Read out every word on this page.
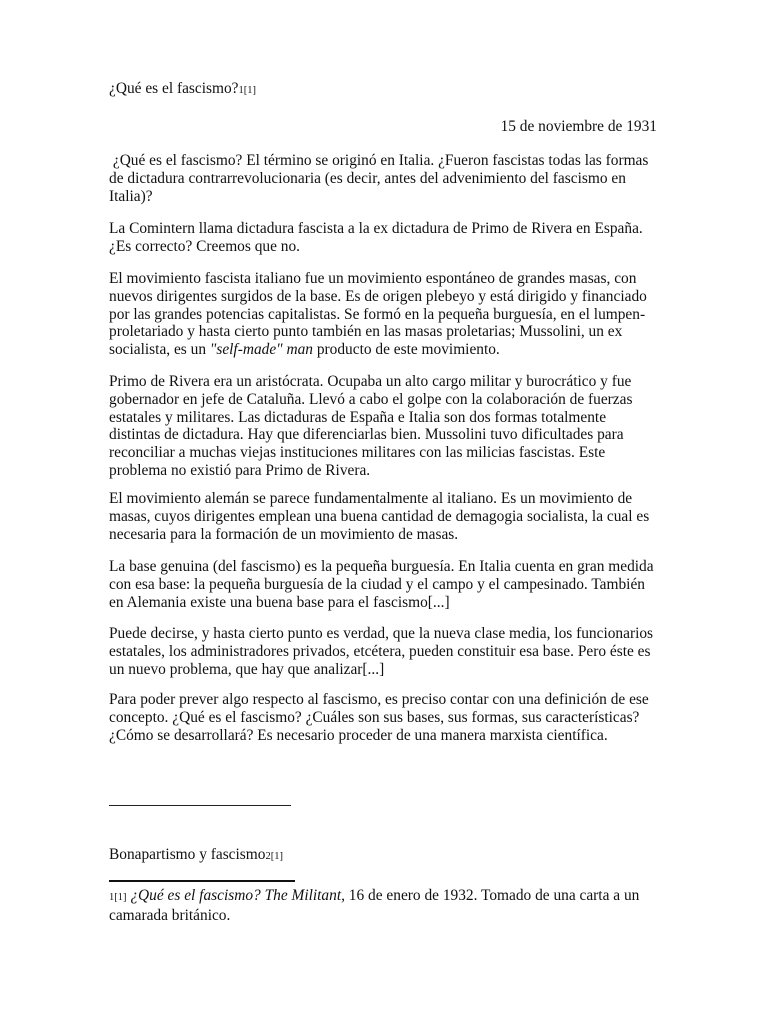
¿Qué es el fascismo?1[1]

15 de noviembre de 1931

¿Qué es el fascismo? El término se originó en Italia. ¿Fueron fascistas todas las formas de dictadura contrarrevolucionaria (es decir, antes del advenimiento del fascismo en Italia)?

La Comintern llama dictadura fascista a la ex dictadura de Primo de Rivera en España. ¿Es correcto? Creemos que no.

El movimiento fascista italiano fue un movimiento espontáneo de grandes masas, con nuevos dirigentes surgidos de la base. Es de origen plebeyo y está dirigido y financiado por las grandes potencias capitalistas. Se formó en la pequeña burguesía, en el lumpen-proletariado y hasta cierto punto también en las masas proletarias; Mussolini, un ex socialista, es un "self-made" man producto de este movimiento.

Primo de Rivera era un aristócrata. Ocupaba un alto cargo militar y burocrático y fue gobernador en jefe de Cataluña. Llevó a cabo el golpe con la colaboración de fuerzas estatales y militares. Las dictaduras de España e Italia son dos formas totalmente distintas de dictadura. Hay que diferenciarlas bien. Mussolini tuvo dificultades para reconciliar a muchas viejas instituciones militares con las milicias fascistas. Este problema no existió para Primo de Rivera.

El movimiento alemán se parece fundamentalmente al italiano. Es un movimiento de masas, cuyos dirigentes emplean una buena cantidad de demagogia socialista, la cual es necesaria para la formación de un movimiento de masas.

La base genuina (del fascismo) es la pequeña burguesía. En Italia cuenta en gran medida con esa base: la pequeña burguesía de la ciudad y el campo y el campesinado. También en Alemania existe una buena base para el fascismo[...]

Puede decirse, y hasta cierto punto es verdad, que la nueva clase media, los funcionarios estatales, los administradores privados, etcétera, pueden constituir esa base. Pero éste es un nuevo problema, que hay que analizar[...]

Para poder prever algo respecto al fascismo, es preciso contar con una definición de ese concepto. ¿Qué es el fascismo? ¿Cuáles son sus bases, sus formas, sus características? ¿Cómo se desarrollará? Es necesario proceder de una manera marxista científica.

Bonapartismo y fascismo2[1]

1[1] ¿Qué es el fascismo? The Militant, 16 de enero de 1932. Tomado de una carta a un camarada británico.
